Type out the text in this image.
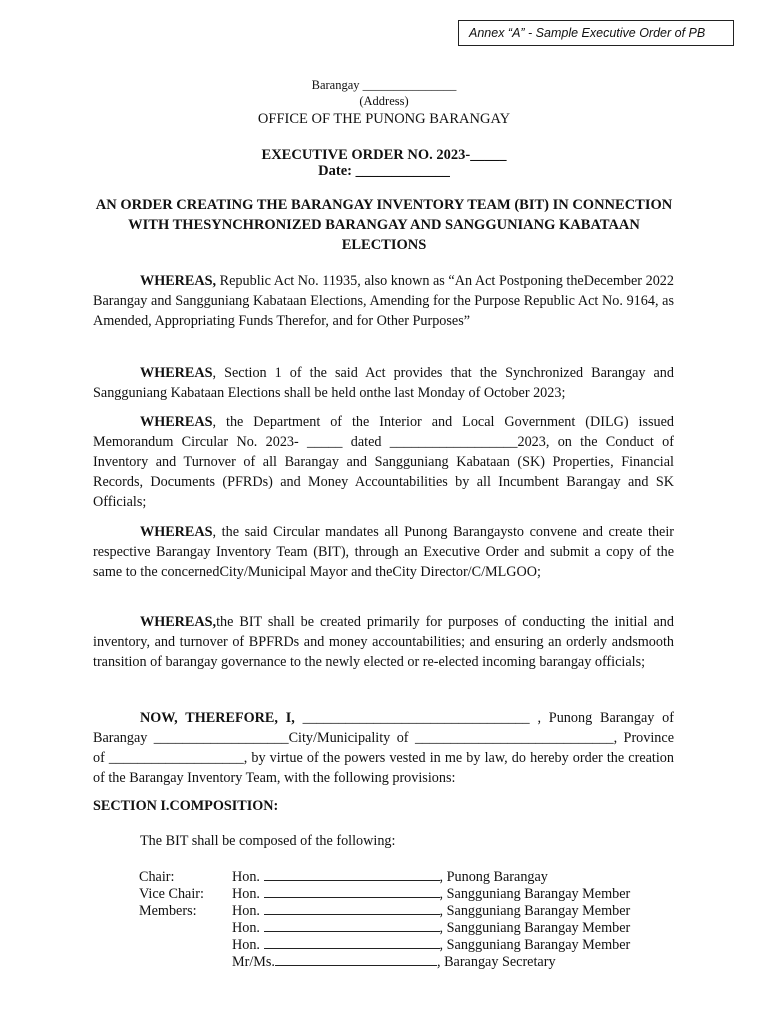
Annex “A” - Sample Executive Order of PB
Barangay _______________
(Address)
OFFICE OF THE PUNONG BARANGAY
EXECUTIVE ORDER NO. 2023-_____
Date: _____________
AN ORDER CREATING THE BARANGAY INVENTORY TEAM (BIT) IN CONNECTION
WITH THESYNCHRONIZED BARANGAY AND SANGGUNIANG KABATAAN
ELECTIONS

WHEREAS, Republic Act No. 11935, also known as “An Act Postponing theDecember 2022 Barangay and Sangguniang Kabataan Elections, Amending for the Purpose Republic Act No. 9164, as Amended, Appropriating Funds Therefor, and for Other Purposes”

WHEREAS, Section 1 of the said Act provides that the Synchronized Barangay and Sangguniang Kabataan Elections shall be held onthe last Monday of October 2023;

WHEREAS, the Department of the Interior and Local Government (DILG) issued Memorandum Circular No. 2023- _____ dated __________________2023, on the Conduct of Inventory and Turnover of all Barangay and Sangguniang Kabataan (SK) Properties, Financial Records, Documents (PFRDs) and Money Accountabilities by all Incumbent Barangay and SK Officials;

WHEREAS, the said Circular mandates all Punong Barangaysto convene and create their respective Barangay Inventory Team (BIT), through an Executive Order and submit a copy of the same to the concernedCity/Municipal Mayor and theCity Director/C/MLGOO;

WHEREAS,the BIT shall be created primarily for purposes of conducting the initial and inventory, and turnover of BPFRDs and money accountabilities; and ensuring an orderly andsmooth transition of barangay governance to the newly elected or re-elected incoming barangay officials;

NOW, THEREFORE, I, ________________________________ , Punong Barangay of Barangay ___________________City/Municipality of ____________________________, Province of ___________________, by virtue of the powers vested in me by law, do hereby order the creation of the Barangay Inventory Team, with the following provisions:

SECTION I.COMPOSITION:
The BIT shall be composed of the following:
Chair:	Hon.	, Punong Barangay
Vice Chair: Hon.	, Sangguniang Barangay Member
Members: Hon.	, Sangguniang Barangay Member
Hon.	, Sangguniang Barangay Member
Hon.	, Sangguniang Barangay Member
Mr/Ms.	, Barangay Secretary
